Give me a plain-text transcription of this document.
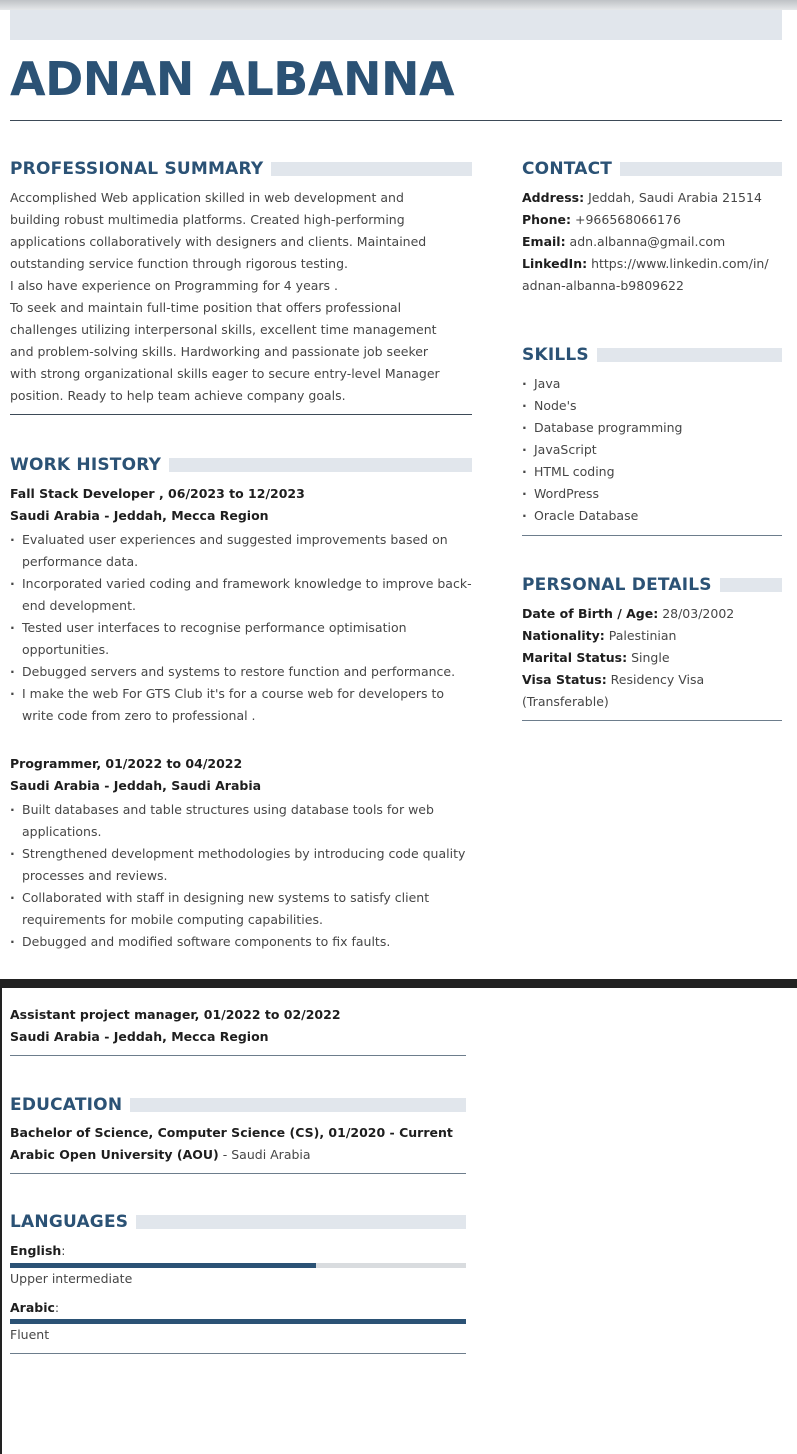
ADNAN ALBANNA
PROFESSIONAL SUMMARY

Accomplished Web application skilled in web development and

building robust multimedia platforms. Created high-performing

applications collaboratively with designers and clients. Maintained

outstanding service function through rigorous testing.

I also have experience on Programming for 4 years .

To seek and maintain full-time position that offers professional

challenges utilizing interpersonal skills, excellent time management

and problem-solving skills. Hardworking and passionate job seeker

with strong organizational skills eager to secure entry-level Manager

position. Ready to help team achieve company goals.

WORK HISTORY
Fall Stack Developer , 06/2023 to 12/2023
Saudi Arabia - Jeddah, Mecca Region
· Evaluated user experiences and suggested improvements based on performance data.
· Incorporated varied coding and framework knowledge to improve back-end development.
· Tested user interfaces to recognise performance optimisation opportunities.
· Debugged servers and systems to restore function and performance.
· I make the web For GTS Club it's for a course web for developers to write code from zero to professional .
Programmer, 01/2022 to 04/2022
Saudi Arabia - Jeddah, Saudi Arabia
· Built databases and table structures using database tools for web applications.
· Strengthened development methodologies by introducing code quality processes and reviews.
· Collaborated with staff in designing new systems to satisfy client requirements for mobile computing capabilities.
· Debugged and modified software components to fix faults.
Assistant project manager, 01/2022 to 02/2022
Saudi Arabia - Jeddah, Mecca Region
EDUCATION
Bachelor of Science, Computer Science (CS), 01/2020 - Current
Arabic Open University (AOU) - Saudi Arabia
LANGUAGES
English:
Upper intermediate
Arabic:
Fluent
CONTACT
Address: Jeddah, Saudi Arabia 21514
Phone: +966568066176
Email: adn.albanna@gmail.com
LinkedIn: https://www.linkedin.com/in/
adnan-albanna-b9809622
SKILLS
· Java
· Node's
· Database programming
· JavaScript
· HTML coding
· WordPress
· Oracle Database
PERSONAL DETAILS
Date of Birth / Age: 28/03/2002
Nationality: Palestinian
Marital Status: Single
Visa Status: Residency Visa
(Transferable)
